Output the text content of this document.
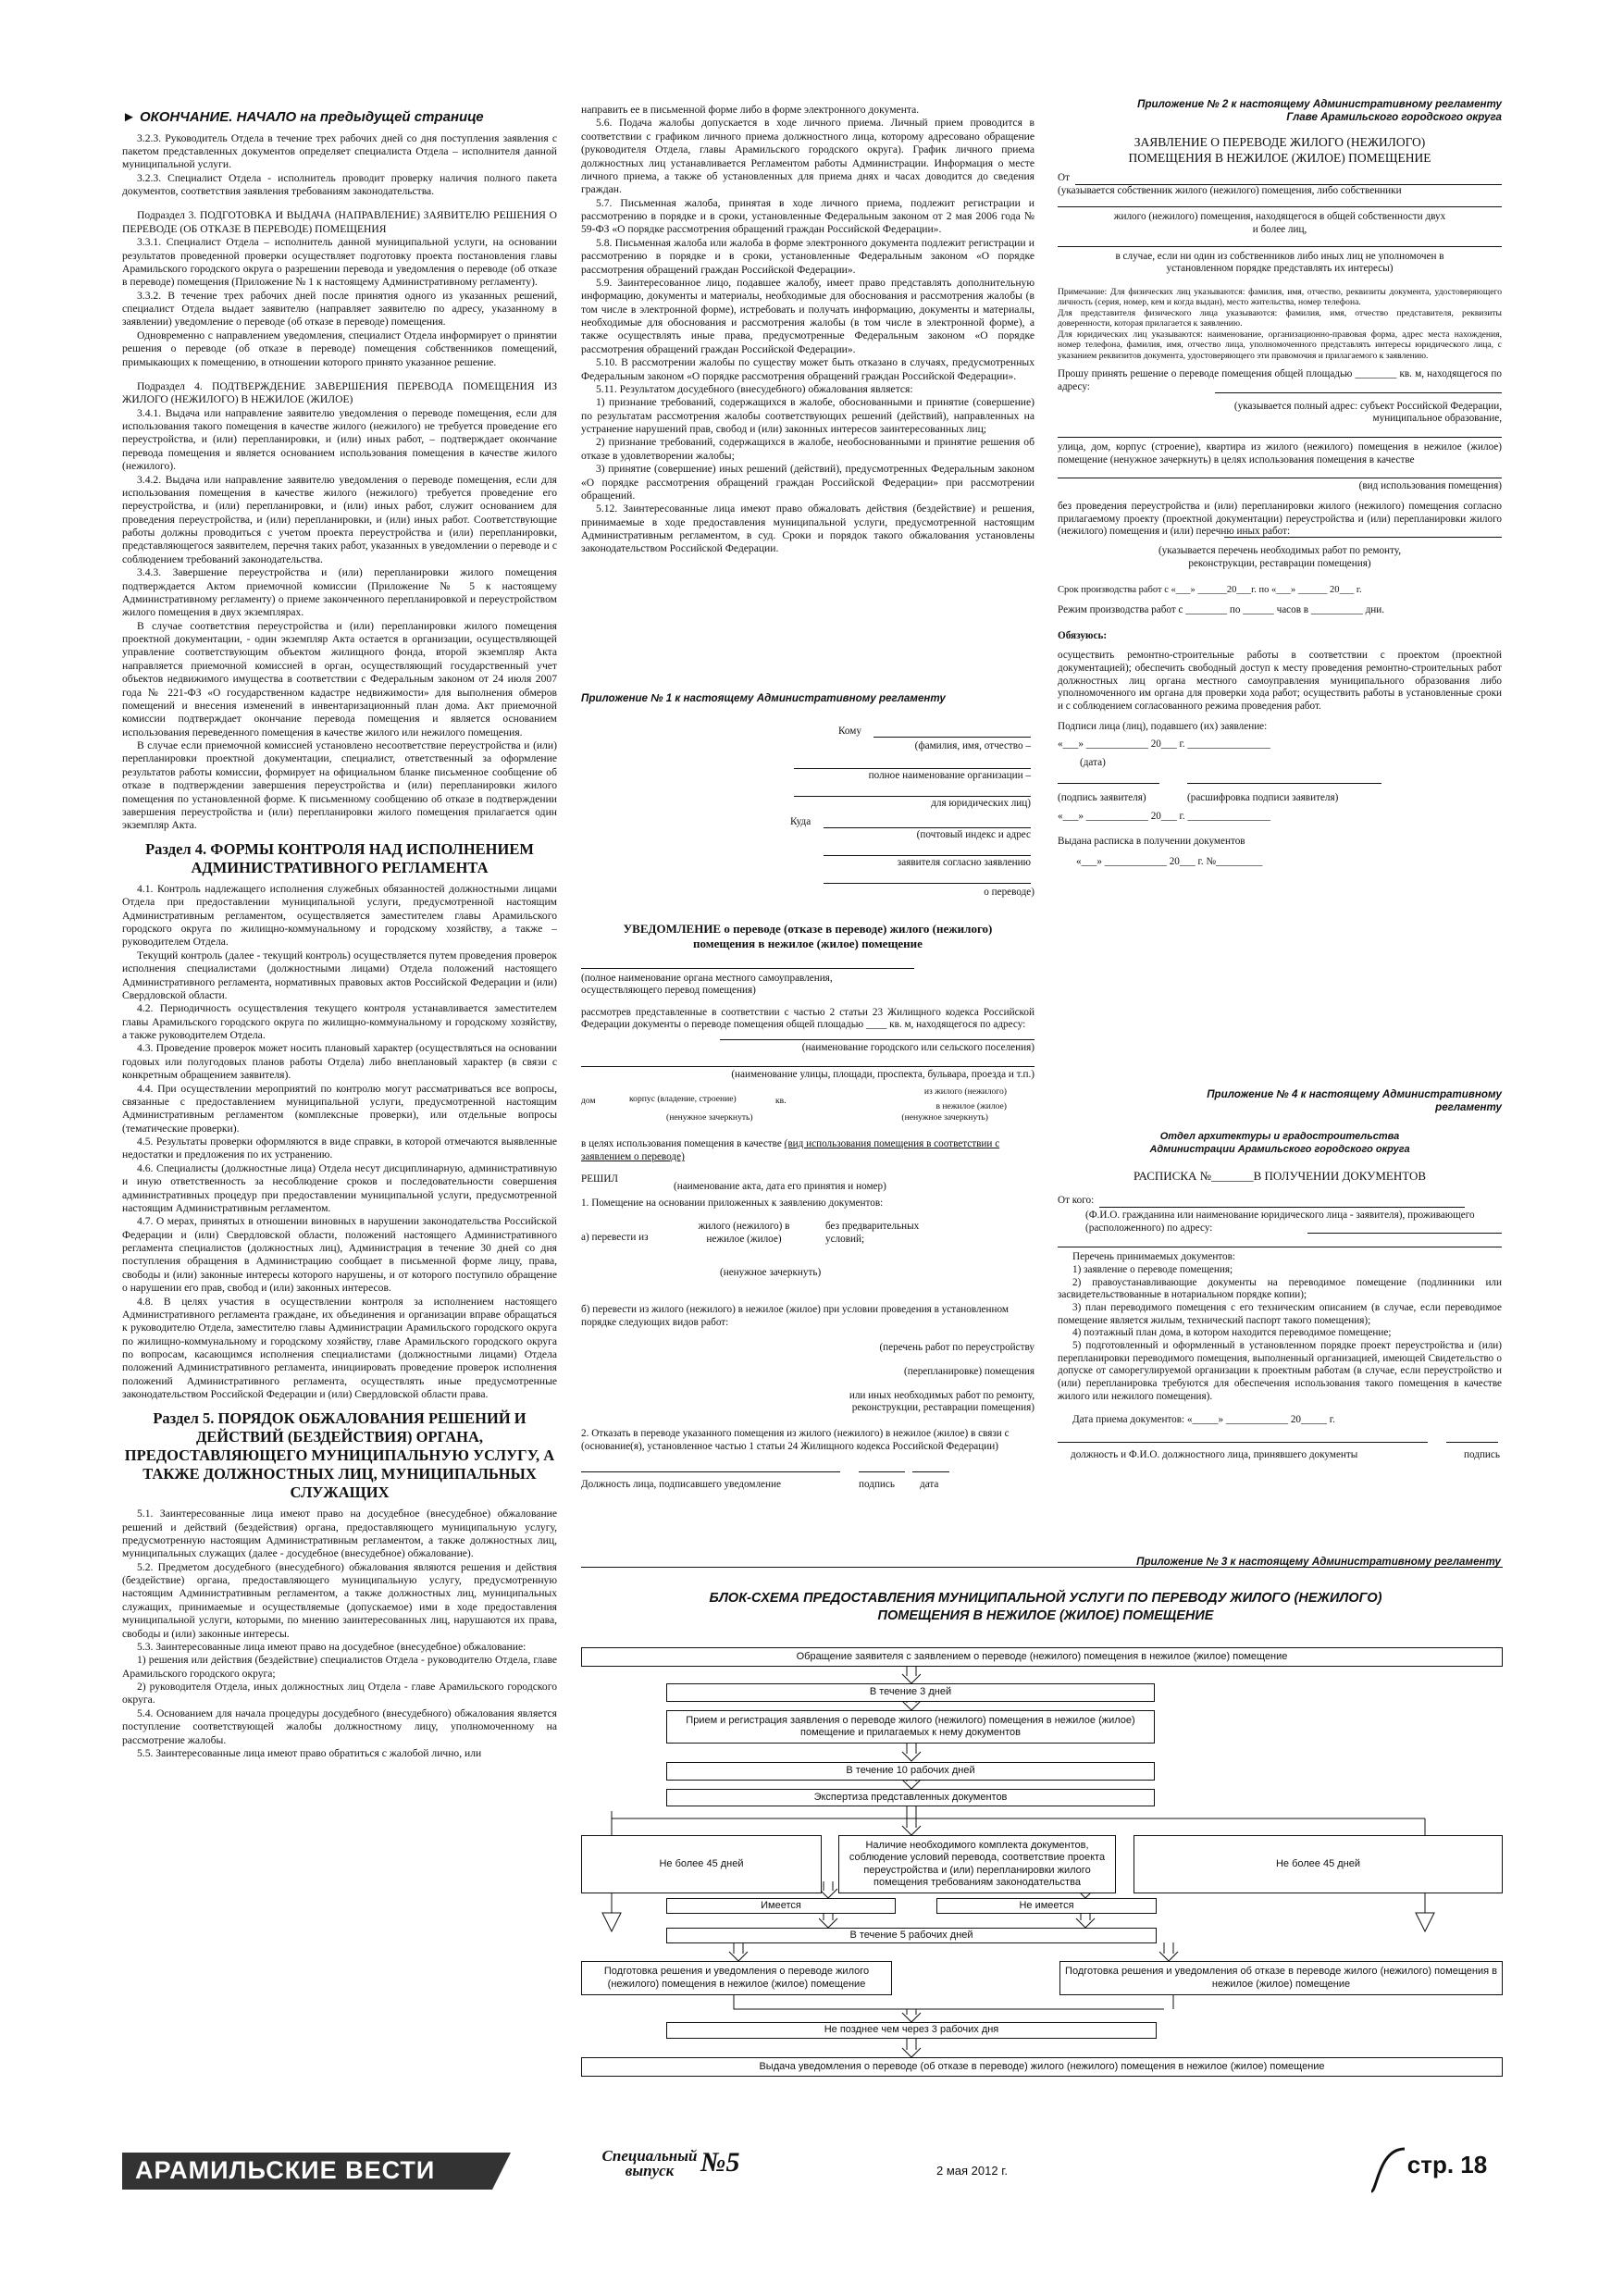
► ОКОНЧАНИЕ. НАЧАЛО на предыдущей странице

3.2.3. Руководитель Отдела в течение трех рабочих дней со дня поступления заявления с пакетом представленных документов определяет специалиста Отдела – исполнителя данной муниципальной услуги.

3.2.3. Специалист Отдела - исполнитель проводит проверку наличия полного пакета документов, соответствия заявления требованиям законодательства.

Подраздел 3. ПОДГОТОВКА И ВЫДАЧА (НАПРАВЛЕНИЕ) ЗАЯВИТЕЛЮ РЕШЕНИЯ О ПЕРЕВОДЕ (ОБ ОТКАЗЕ В ПЕРЕВОДЕ) ПОМЕЩЕНИЯ

3.3.1. Специалист Отдела – исполнитель данной муниципальной услуги, на основании результатов проведенной проверки осуществляет подготовку проекта постановления главы Арамильского городского округа о разрешении перевода и уведомления о переводе (об отказе в переводе) помещения (Приложение № 1 к настоящему Административному регламенту).

3.3.2. В течение трех рабочих дней после принятия одного из указанных решений, специалист Отдела выдает заявителю (направляет заявителю по адресу, указанному в заявлении) уведомление о переводе (об отказе в переводе) помещения.

Одновременно с направлением уведомления, специалист Отдела информирует о принятии решения о переводе (об отказе в переводе) помещения собственников помещений, примыкающих к помещению, в отношении которого принято указанное решение.

Подраздел 4. ПОДТВЕРЖДЕНИЕ ЗАВЕРШЕНИЯ ПЕРЕВОДА ПОМЕЩЕНИЯ ИЗ ЖИЛОГО (НЕЖИЛОГО) В НЕЖИЛОЕ (ЖИЛОЕ)

3.4.1. Выдача или направление заявителю уведомления о переводе помещения, если для использования такого помещения в качестве жилого (нежилого) не требуется проведение его переустройства, и (или) перепланировки, и (или) иных работ, – подтверждает окончание перевода помещения и является основанием использования помещения в качестве жилого (нежилого).

3.4.2. Выдача или направление заявителю уведомления о переводе помещения, если для использования помещения в качестве жилого (нежилого) требуется проведение его переустройства, и (или) перепланировки, и (или) иных работ, служит основанием для проведения переустройства, и (или) перепланировки, и (или) иных работ. Соответствующие работы должны проводиться с учетом проекта переустройства и (или) перепланировки, представляющегося заявителем, перечня таких работ, указанных в уведомлении о переводе и с соблюдением требований законодательства.

3.4.3. Завершение переустройства и (или) перепланировки жилого помещения подтверждается Актом приемочной комиссии (Приложение № 5 к настоящему Административному регламенту) о приеме законченного перепланировкой и переустройством жилого помещения в двух экземплярах.

В случае соответствия переустройства и (или) перепланировки жилого помещения проектной документации, - один экземпляр Акта остается в организации, осуществляющей управление соответствующим объектом жилищного фонда, второй экземпляр Акта направляется приемочной комиссией в орган, осуществляющий государственный учет объектов недвижимого имущества в соответствии с Федеральным законом от 24 июля 2007 года № 221-ФЗ «О государственном кадастре недвижимости» для выполнения обмеров помещений и внесения изменений в инвентаризационный план дома. Акт приемочной комиссии подтверждает окончание перевода помещения и является основанием использования переведенного помещения в качестве жилого или нежилого помещения.

В случае если приемочной комиссией установлено несоответствие переустройства и (или) перепланировки проектной документации, специалист, ответственный за оформление результатов работы комиссии, формирует на официальном бланке письменное сообщение об отказе в подтверждении завершения переустройства и (или) перепланировки жилого помещения по установленной форме. К письменному сообщению об отказе в подтверждении завершения переустройства и (или) перепланировки жилого помещения прилагается один экземпляр Акта.

Раздел 4. ФОРМЫ КОНТРОЛЯ НАД ИСПОЛНЕНИЕМ АДМИНИСТРАТИВНОГО РЕГЛАМЕНТА

4.1. Контроль надлежащего исполнения служебных обязанностей должностными лицами Отдела при предоставлении муниципальной услуги, предусмотренной настоящим Административным регламентом, осуществляется заместителем главы Арамильского городского округа по жилищно-коммунальному и городскому хозяйству, а также – руководителем Отдела.

Текущий контроль (далее - текущий контроль) осуществляется путем проведения проверок исполнения специалистами (должностными лицами) Отдела положений настоящего Административного регламента, нормативных правовых актов Российской Федерации и (или) Свердловской области.

4.2. Периодичность осуществления текущего контроля устанавливается заместителем главы Арамильского городского округа по жилищно-коммунальному и городскому хозяйству, а также руководителем Отдела.

4.3. Проведение проверок может носить плановый характер (осуществляться на основании годовых или полугодовых планов работы Отдела) либо внеплановый характер (в связи с конкретным обращением заявителя).

4.4. При осуществлении мероприятий по контролю могут рассматриваться все вопросы, связанные с предоставлением муниципальной услуги, предусмотренной настоящим Административным регламентом (комплексные проверки), или отдельные вопросы (тематические проверки).

4.5. Результаты проверки оформляются в виде справки, в которой отмечаются выявленные недостатки и предложения по их устранению.

4.6. Специалисты (должностные лица) Отдела несут дисциплинарную, административную и иную ответственность за несоблюдение сроков и последовательности совершения административных процедур при предоставлении муниципальной услуги, предусмотренной настоящим Административным регламентом.

4.7. О мерах, принятых в отношении виновных в нарушении законодательства Российской Федерации и (или) Свердловской области, положений настоящего Административного регламента специалистов (должностных лиц), Администрация в течение 30 дней со дня поступления обращения в Администрацию сообщает в письменной форме лицу, права, свободы и (или) законные интересы которого нарушены, и от которого поступило обращение о нарушении его прав, свобод и (или) законных интересов.

4.8. В целях участия в осуществлении контроля за исполнением настоящего Административного регламента граждане, их объединения и организации вправе обращаться к руководителю Отдела, заместителю главы Администрации Арамильского городского округа по жилищно-коммунальному и городскому хозяйству, главе Арамильского городского округа по вопросам, касающимся исполнения специалистами (должностными лицами) Отдела положений Административного регламента, инициировать проведение проверок исполнения положений Административного регламента, осуществлять иные предусмотренные законодательством Российской Федерации и (или) Свердловской области права.

Раздел 5. ПОРЯДОК ОБЖАЛОВАНИЯ РЕШЕНИЙ И ДЕЙСТВИЙ (БЕЗДЕЙСТВИЯ) ОРГАНА, ПРЕДОСТАВЛЯЮЩЕГО МУНИЦИПАЛЬНУЮ УСЛУГУ, А ТАКЖЕ ДОЛЖНОСТНЫХ ЛИЦ, МУНИЦИПАЛЬНЫХ СЛУЖАЩИХ

5.1. Заинтересованные лица имеют право на досудебное (внесудебное) обжалование решений и действий (бездействия) органа, предоставляющего муниципальную услугу, предусмотренную настоящим Административным регламентом, а также должностных лиц, муниципальных служащих (далее - досудебное (внесудебное) обжалование).

5.2. Предметом досудебного (внесудебного) обжалования являются решения и действия (бездействие) органа, предоставляющего муниципальную услугу, предусмотренную настоящим Административным регламентом, а также должностных лиц, муниципальных служащих, принимаемые и осуществляемые (допускаемое) ими в ходе предоставления муниципальной услуги, которыми, по мнению заинтересованных лиц, нарушаются их права, свободы и (или) законные интересы.

5.3. Заинтересованные лица имеют право на досудебное (внесудебное) обжалование:

1) решения или действия (бездействие) специалистов Отдела - руководителю Отдела, главе Арамильского городского округа;

2) руководителя Отдела, иных должностных лиц Отдела - главе Арамильского городского округа.

5.4. Основанием для начала процедуры досудебного (внесудебного) обжалования является поступление соответствующей жалобы должностному лицу, уполномоченному на рассмотрение жалобы.

5.5. Заинтересованные лица имеют право обратиться с жалобой лично, или

направить ее в письменной форме либо в форме электронного документа.

5.6. Подача жалобы допускается в ходе личного приема. Личный прием проводится в соответствии с графиком личного приема должностного лица, которому адресовано обращение (руководителя Отдела, главы Арамильского городского округа). График личного приема должностных лиц устанавливается Регламентом работы Администрации. Информация о месте личного приема, а также об установленных для приема днях и часах доводится до сведения граждан.

5.7. Письменная жалоба, принятая в ходе личного приема, подлежит регистрации и рассмотрению в порядке и в сроки, установленные Федеральным законом от 2 мая 2006 года № 59-ФЗ «О порядке рассмотрения обращений граждан Российской Федерации».

5.8. Письменная жалоба или жалоба в форме электронного документа подлежит регистрации и рассмотрению в порядке и в сроки, установленные Федеральным законом «О порядке рассмотрения обращений граждан Российской Федерации».

5.9. Заинтересованное лицо, подавшее жалобу, имеет право представлять дополнительную информацию, документы и материалы, необходимые для обоснования и рассмотрения жалобы (в том числе в электронной форме), истребовать и получать информацию, документы и материалы, необходимые для обоснования и рассмотрения жалобы (в том числе в электронной форме), а также осуществлять иные права, предусмотренные Федеральным законом «О порядке рассмотрения обращений граждан Российской Федерации».

5.10. В рассмотрении жалобы по существу может быть отказано в случаях, предусмотренных Федеральным законом «О порядке рассмотрения обращений граждан Российской Федерации».

5.11. Результатом досудебного (внесудебного) обжалования является:

1) признание требований, содержащихся в жалобе, обоснованными и принятие (совершение) по результатам рассмотрения жалобы соответствующих решений (действий), направленных на устранение нарушений прав, свобод и (или) законных интересов заинтересованных лиц;

2) признание требований, содержащихся в жалобе, необоснованными и принятие решения об отказе в удовлетворении жалобы;

3) принятие (совершение) иных решений (действий), предусмотренных Федеральным законом «О порядке рассмотрения обращений граждан Российской Федерации» при рассмотрении обращений.

5.12. Заинтересованные лица имеют право обжаловать действия (бездействие) и решения, принимаемые в ходе предоставления муниципальной услуги, предусмотренной настоящим Административным регламентом, в суд. Сроки и порядок такого обжалования установлены законодательством Российской Федерации.

Приложение № 1 к настоящему Административному регламенту
Кому
(фамилия, имя, отчество –
полное наименование организации –
для юридических лиц)
Куда
(почтовый индекс и адрес
заявителя согласно заявлению
о переводе)
УВЕДОМЛЕНИЕ о переводе (отказе в переводе) жилого (нежилого) помещения в нежилое (жилое) помещение
(полное наименование органа местного самоуправления, осуществляющего перевод помещения)
рассмотрев представленные в соответствии с частью 2 статьи 23 Жилищного кодекса Российской Федерации документы о переводе помещения общей площадью ____ кв. м, находящегося по адресу:
(наименование городского или сельского поселения)
(наименование улицы, площади, проспекта, бульвара, проезда и т.п.)
дом	корпус (владение, строение)	кв.
из жилого (нежилого)
в нежилое (жилое)
(ненужное зачеркнуть)	(ненужное зачеркнуть)
в целях использования помещения в качестве (вид использования помещения в соответствии с заявлением о переводе)
РЕШИЛ
(наименование акта, дата его принятия и номер)
1. Помещение на основании приложенных к заявлению документов:
а) перевести из
жилого (нежилого) в нежилое (жилое)
без предварительных условий;
(ненужное зачеркнуть)
б) перевести из жилого (нежилого) в нежилое (жилое) при условии проведения в установленном порядке следующих видов работ:
(перечень работ по переустройству
(перепланировке) помещения
или иных необходимых работ по ремонту, реконструкции, реставрации помещения)
2. Отказать в переводе указанного помещения из жилого (нежилого) в нежилое (жилое) в связи с (основание(я), установленное частью 1 статьи 24 Жилищного кодекса Российской Федерации)
Должность лица, подписавшего уведомление	подпись дата
Приложение № 2 к настоящему Административному регламенту Главе Арамильского городского округа
ЗАЯВЛЕНИЕ О ПЕРЕВОДЕ ЖИЛОГО (НЕЖИЛОГО) ПОМЕЩЕНИЯ В НЕЖИЛОЕ (ЖИЛОЕ) ПОМЕЩЕНИЕ
От
(указывается собственник жилого (нежилого) помещения, либо собственники
жилого (нежилого) помещения, находящегося в общей собственности двух и более лиц,
в случае, если ни один из собственников либо иных лиц не уполномочен в установленном порядке представлять их интересы)
Примечание: Для физических лиц указываются: фамилия, имя, отчество, реквизиты документа, удостоверяющего личность (серия, номер, кем и когда выдан), место жительства, номер телефона.
Для представителя физического лица указываются: фамилия, имя, отчество представителя, реквизиты доверенности, которая прилагается к заявлению.
Для юридических лиц указываются: наименование, организационно-правовая форма, адрес места нахождения, номер телефона, фамилия, имя, отчество лица, уполномоченного представлять интересы юридического лица, с указанием реквизитов документа, удостоверяющего эти правомочия и прилагаемого к заявлению.
Прошу принять решение о переводе помещения общей площадью ________ кв. м, находящегося по адресу:
(указывается полный адрес: субъект Российской Федерации, муниципальное образование,
улица, дом, корпус (строение), квартира из жилого (нежилого) помещения в нежилое (жилое) помещение (ненужное зачеркнуть) в целях использования помещения в качестве
(вид использования помещения)
без проведения переустройства и (или) перепланировки жилого (нежилого) помещения согласно прилагаемому проекту (проектной документации) переустройства и (или) перепланировки жилого (нежилого) помещения и (или) перечню иных работ:
(указывается перечень необходимых работ по ремонту, реконструкции, реставрации помещения)
Срок производства работ с «___» ______20___г. по «___» ______ 20___ г.
Режим производства работ с ________ по ______ часов в __________ дни.
Обязуюсь:
осуществить ремонтно-строительные работы в соответствии с проектом (проектной документацией); обеспечить свободный доступ к месту проведения ремонтно-строительных работ должностных лиц органа местного самоуправления муниципального образования либо уполномоченного им органа для проверки хода работ; осуществить работы в установленные сроки и с соблюдением согласованного режима проведения работ.
Подписи лица (лиц), подавшего (их) заявление:
«___» ____________ 20___ г. ________________
(дата)
(подпись заявителя)	(расшифровка подписи заявителя)
«___» ____________ 20___ г. ________________
Выдана расписка в получении документов
«___» ____________ 20___ г. №_________
Приложение № 4 к настоящему Административному регламенту
Отдел архитектуры и градостроительства Администрации Арамильского городского округа
РАСПИСКА №_______В ПОЛУЧЕНИИ ДОКУМЕНТОВ
От кого:
(Ф.И.О. гражданина или наименование юридического лица - заявителя), проживающего (расположенного) по адресу:
Перечень принимаемых документов:
1) заявление о переводе помещения;
2) правоустанавливающие документы на переводимое помещение (подлинники или засвидетельствованные в нотариальном порядке копии);
3) план переводимого помещения с его техническим описанием (в случае, если переводимое помещение является жилым, технический паспорт такого помещения);
4) поэтажный план дома, в котором находится переводимое помещение;
5) подготовленный и оформленный в установленном порядке проект переустройства и (или) перепланировки переводимого помещения, выполненный организацией, имеющей Свидетельство о допуске от саморегулируемой организации к проектным работам (в случае, если переустройство и (или) перепланировка требуются для обеспечения использования такого помещения в качестве жилого или нежилого помещения).
Дата приема документов: «_____» ____________ 20_____ г.
должность и Ф.И.О. должностного лица, принявшего документы	подпись
Приложение № 3 к настоящему Административному регламенту
БЛОК-СХЕМА ПРЕДОСТАВЛЕНИЯ МУНИЦИПАЛЬНОЙ УСЛУГИ ПО ПЕРЕВОДУ ЖИЛОГО (НЕЖИЛОГО) ПОМЕЩЕНИЯ В НЕЖИЛОЕ (ЖИЛОЕ) ПОМЕЩЕНИЕ
Обращение заявителя с заявлением о переводе (нежилого) помещения в нежилое (жилое) помещение
В течение 3 дней
Прием и регистрация заявления о переводе жилого (нежилого) помещения в нежилое (жилое) помещение и прилагаемых к нему документов
В течение 10 рабочих дней
Экспертиза представленных документов
Не более 45 дней
Наличие необходимого комплекта документов, соблюдение условий перевода, соответствие проекта переустройства и (или) перепланировки жилого помещения требованиям законодательства
Не более 45 дней
Имеется	Не имеется
В течение 5 рабочих дней
Подготовка решения и уведомления о переводе жилого (нежилого) помещения в нежилое (жилое) помещение
Подготовка решения и уведомления об отказе в переводе жилого (нежилого) помещения в нежилое (жилое) помещение
Не позднее чем через 3 рабочих дня
Выдача уведомления о переводе (об отказе в переводе) жилого (нежилого) помещения в нежилое (жилое) помещение
АРАМИЛЬСКИЕ ВЕСТИ
Специальный выпуск №5	2 мая 2012 г.	стр. 18
